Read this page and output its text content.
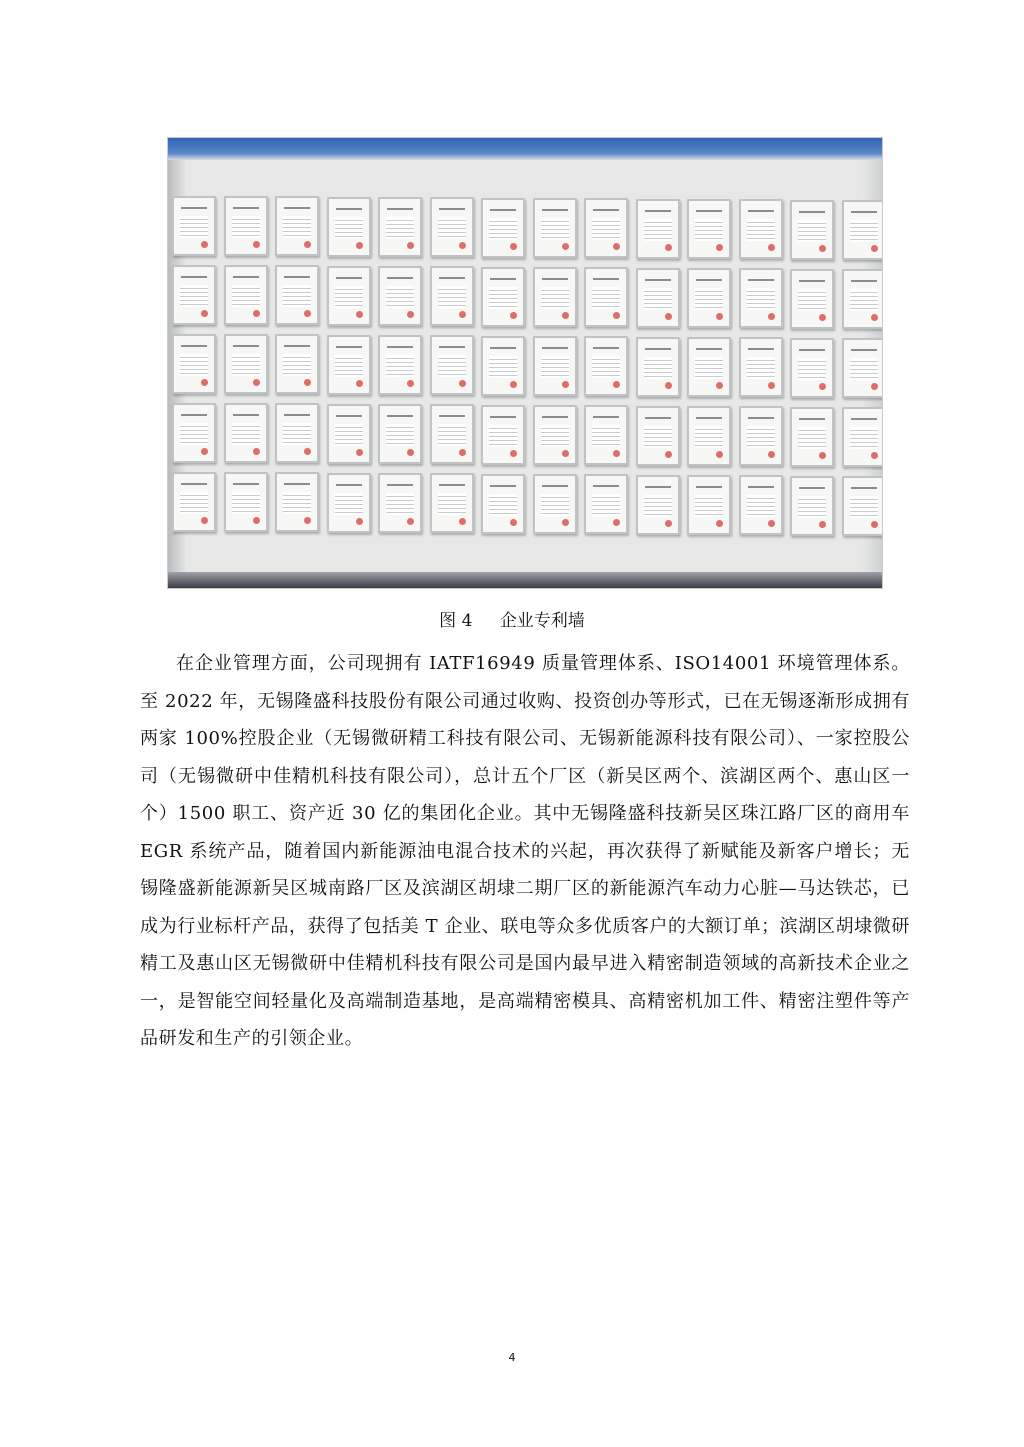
图 4 企业专利墙

在企业管理方面，公司现拥有 IATF16949 质量管理体系、ISO14001 环境管理体系。至 2022 年，无锡隆盛科技股份有限公司通过收购、投资创办等形式，已在无锡逐渐形成拥有两家 100%控股企业（无锡微研精工科技有限公司、无锡新能源科技有限公司）、一家控股公司（无锡微研中佳精机科技有限公司），总计五个厂区（新吴区两个、滨湖区两个、惠山区一个）1500 职工、资产近 30 亿的集团化企业。其中无锡隆盛科技新吴区珠江路厂区的商用车 EGR 系统产品，随着国内新能源油电混合技术的兴起，再次获得了新赋能及新客户增长；无锡隆盛新能源新吴区城南路厂区及滨湖区胡埭二期厂区的新能源汽车动力心脏—马达铁芯，已成为行业标杆产品，获得了包括美 T 企业、联电等众多优质客户的大额订单；滨湖区胡埭微研精工及惠山区无锡微研中佳精机科技有限公司是国内最早进入精密制造领域的高新技术企业之一，是智能空间轻量化及高端制造基地，是高端精密模具、高精密机加工件、精密注塑件等产品研发和生产的引领企业。

4
